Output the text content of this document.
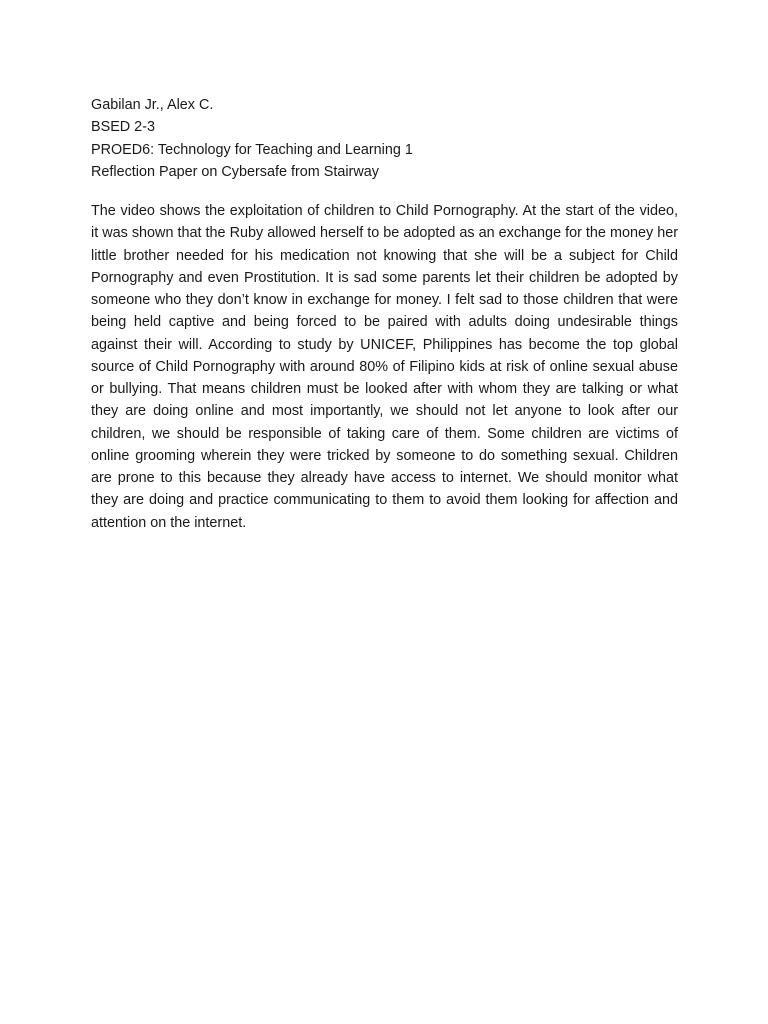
Gabilan Jr., Alex C.

BSED 2-3

PROED6: Technology for Teaching and Learning 1

Reflection Paper on Cybersafe from Stairway

The video shows the exploitation of children to Child Pornography. At the start of the video, it was shown that the Ruby allowed herself to be adopted as an exchange for the money her little brother needed for his medication not knowing that she will be a subject for Child Pornography and even Prostitution. It is sad some parents let their children be adopted by someone who they don’t know in exchange for money. I felt sad to those children that were being held captive and being forced to be paired with adults doing undesirable things against their will. According to study by UNICEF, Philippines has become the top global source of Child Pornography with around 80% of Filipino kids at risk of online sexual abuse or bullying. That means children must be looked after with whom they are talking or what they are doing online and most importantly, we should not let anyone to look after our children, we should be responsible of taking care of them. Some children are victims of online grooming wherein they were tricked by someone to do something sexual. Children are prone to this because they already have access to internet. We should monitor what they are doing and practice communicating to them to avoid them looking for affection and attention on the internet.
